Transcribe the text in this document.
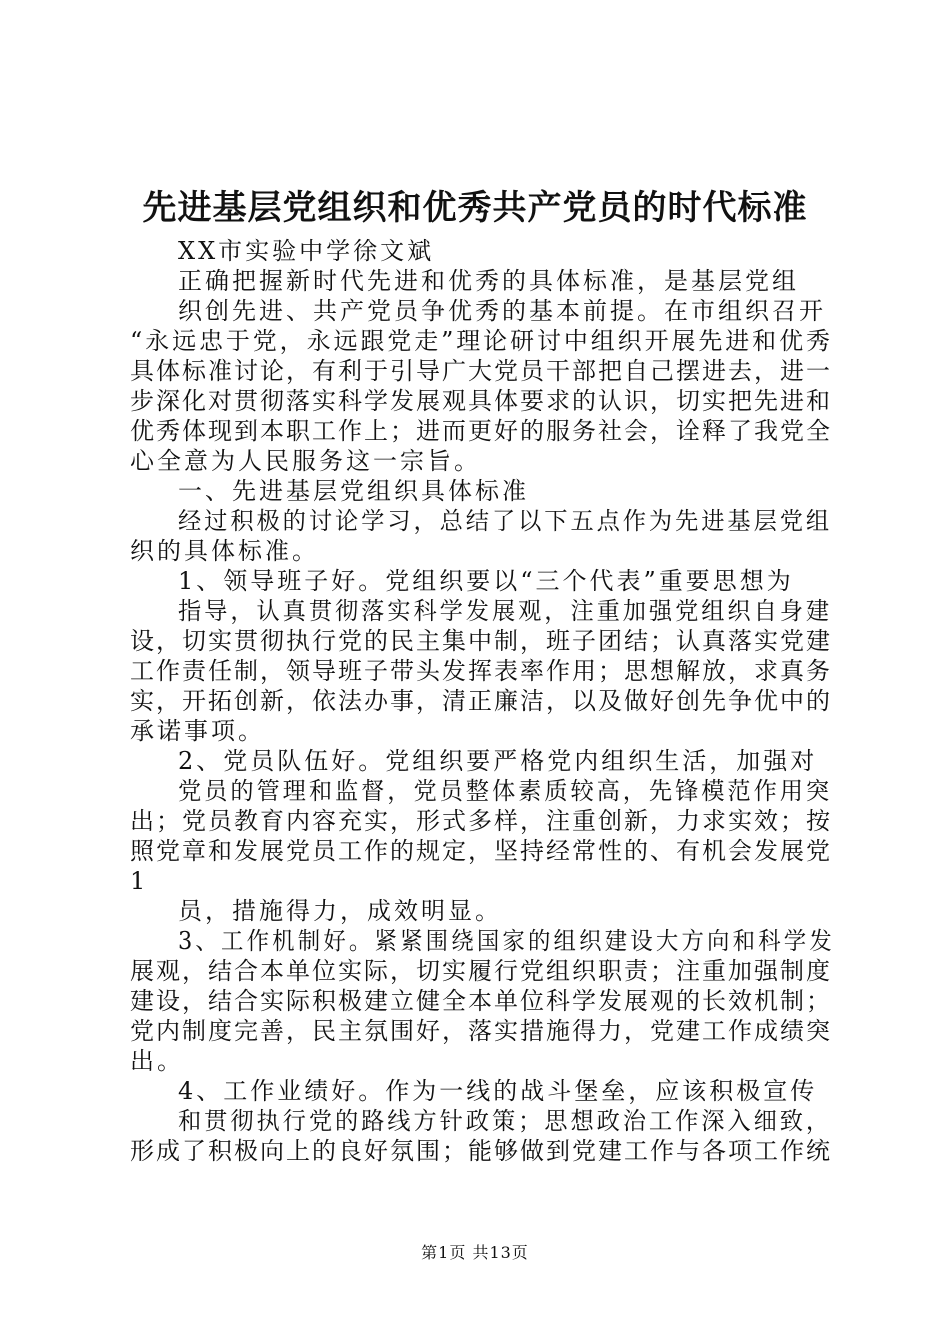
先进基层党组织和优秀共产党员的时代标准
XX市实验中学徐文斌
正确把握新时代先进和优秀的具体标准，是基层党组
织创先进、共产党员争优秀的基本前提。在市组织召开
“永远忠于党，永远跟党走”理论研讨中组织开展先进和优秀
具体标准讨论，有利于引导广大党员干部把自己摆进去，进一
步深化对贯彻落实科学发展观具体要求的认识，切实把先进和
优秀体现到本职工作上；进而更好的服务社会，诠释了我党全
心全意为人民服务这一宗旨。
一、先进基层党组织具体标准
经过积极的讨论学习，总结了以下五点作为先进基层党组
织的具体标准。
1、领导班子好。党组织要以“三个代表”重要思想为
指导，认真贯彻落实科学发展观，注重加强党组织自身建
设，切实贯彻执行党的民主集中制，班子团结；认真落实党建
工作责任制，领导班子带头发挥表率作用；思想解放，求真务
实，开拓创新，依法办事，清正廉洁，以及做好创先争优中的
承诺事项。
2、党员队伍好。党组织要严格党内组织生活，加强对
党员的管理和监督，党员整体素质较高，先锋模范作用突
出；党员教育内容充实，形式多样，注重创新，力求实效；按
照党章和发展党员工作的规定，坚持经常性的、有机会发展党
1
员，措施得力，成效明显。
3、工作机制好。紧紧围绕国家的组织建设大方向和科学发
展观，结合本单位实际，切实履行党组织职责；注重加强制度
建设，结合实际积极建立健全本单位科学发展观的长效机制；
党内制度完善，民主氛围好，落实措施得力，党建工作成绩突
出。
4、工作业绩好。作为一线的战斗堡垒，应该积极宣传
和贯彻执行党的路线方针政策；思想政治工作深入细致，
形成了积极向上的良好氛围；能够做到党建工作与各项工作统
第1页 共13页
